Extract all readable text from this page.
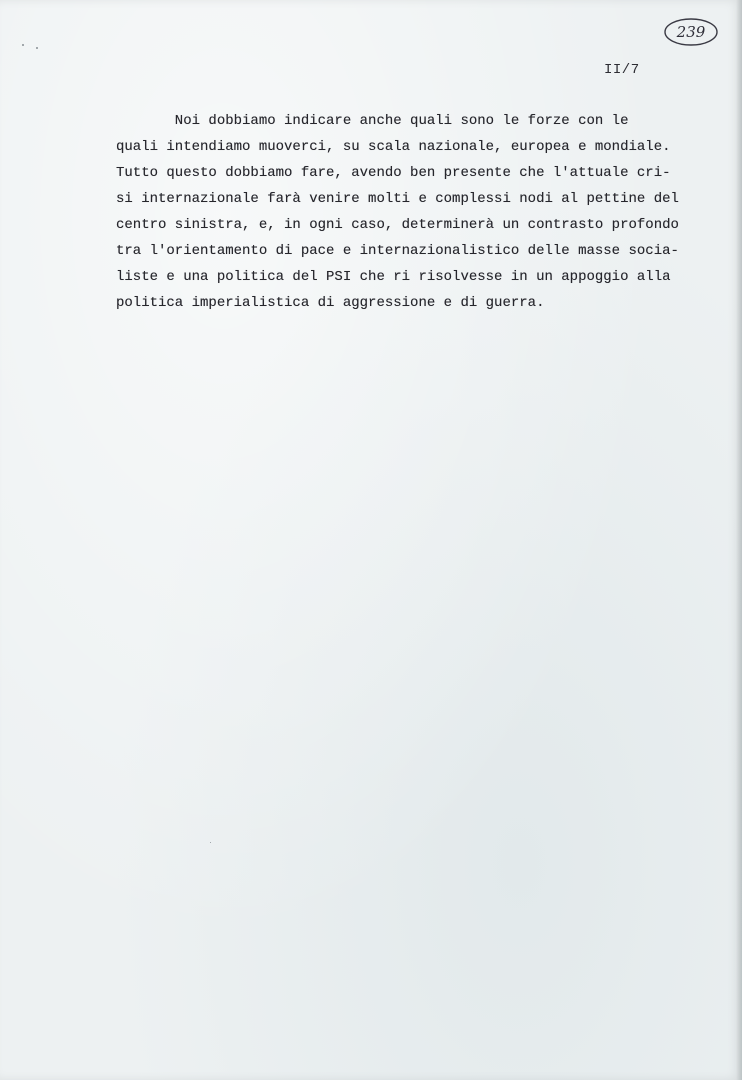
239
II/7
Noi dobbiamo indicare anche quali sono le forze con le
quali intendiamo muoverci, su scala nazionale, europea e mondiale.
Tutto questo dobbiamo fare, avendo ben presente che l'attuale cri-
si internazionale farà venire molti e complessi nodi al pettine del
centro sinistra, e, in ogni caso, determinerà un contrasto profondo
tra l'orientamento di pace e internazionalistico delle masse socia-
liste e una politica del PSI che ri risolvesse in un appoggio alla
politica imperialistica di aggressione e di guerra.
